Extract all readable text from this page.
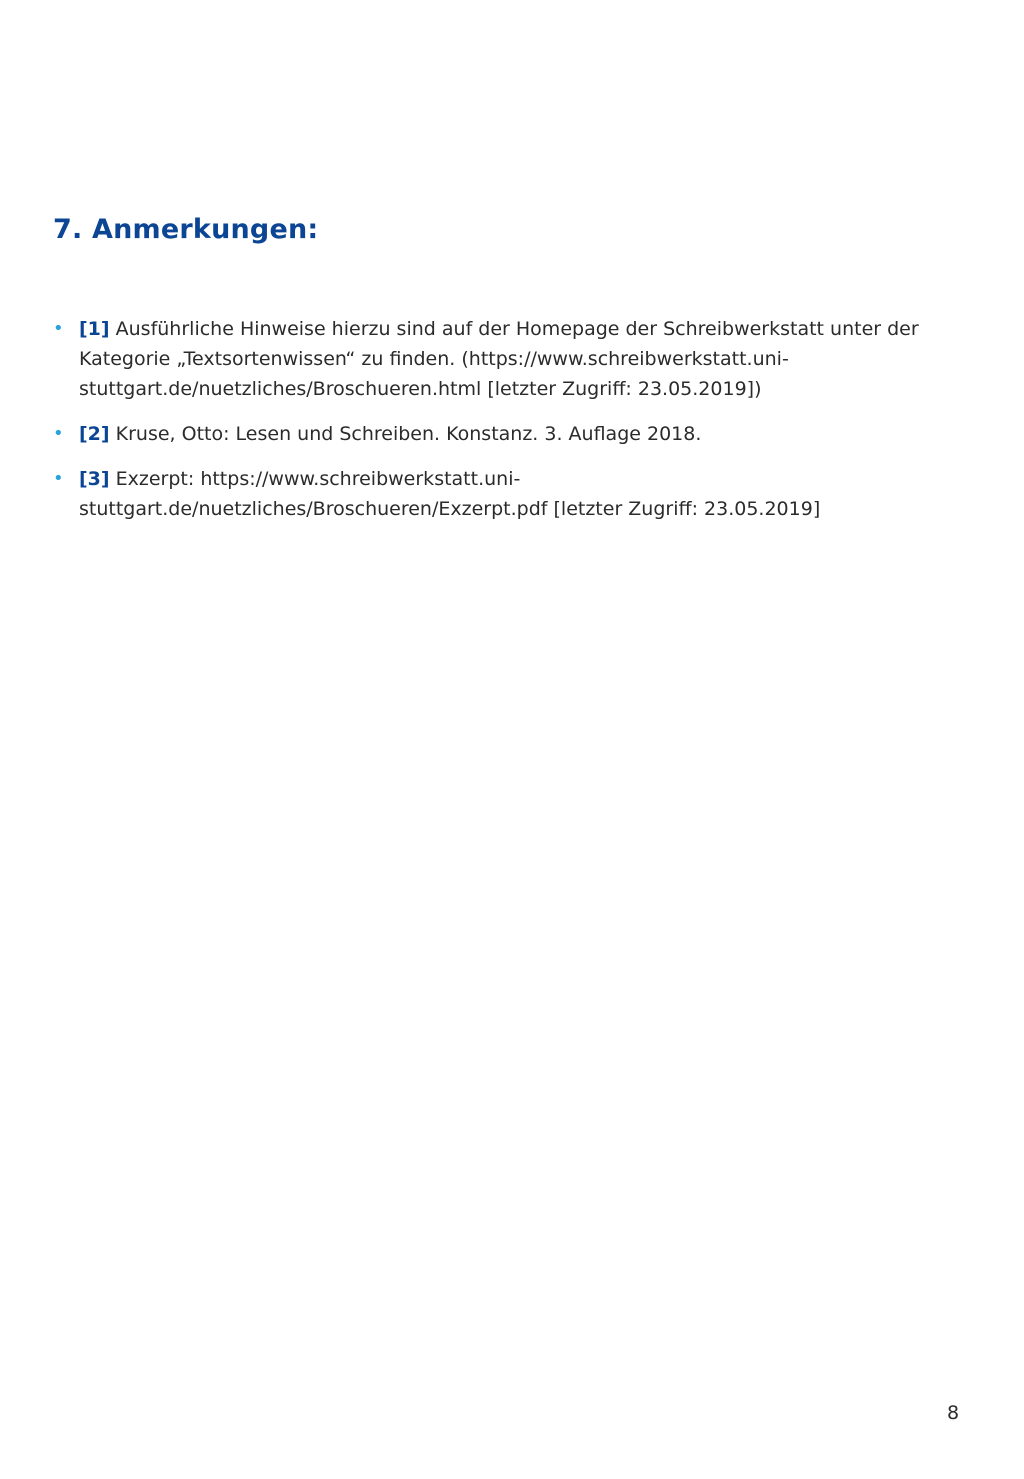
7. Anmerkungen:
• [1] Ausführliche Hinweise hierzu sind auf der Homepage der Schreibwerkstatt unter der
Kategorie „Textsortenwissen“ zu finden. (https://www.schreibwerkstatt.uni-
stuttgart.de/nuetzliches/Broschueren.html [letzter Zugriff: 23.05.2019])
• [2] Kruse, Otto: Lesen und Schreiben. Konstanz. 3. Auflage 2018.
• [3] Exzerpt: https://www.schreibwerkstatt.uni-
stuttgart.de/nuetzliches/Broschueren/Exzerpt.pdf [letzter Zugriff: 23.05.2019]
8
